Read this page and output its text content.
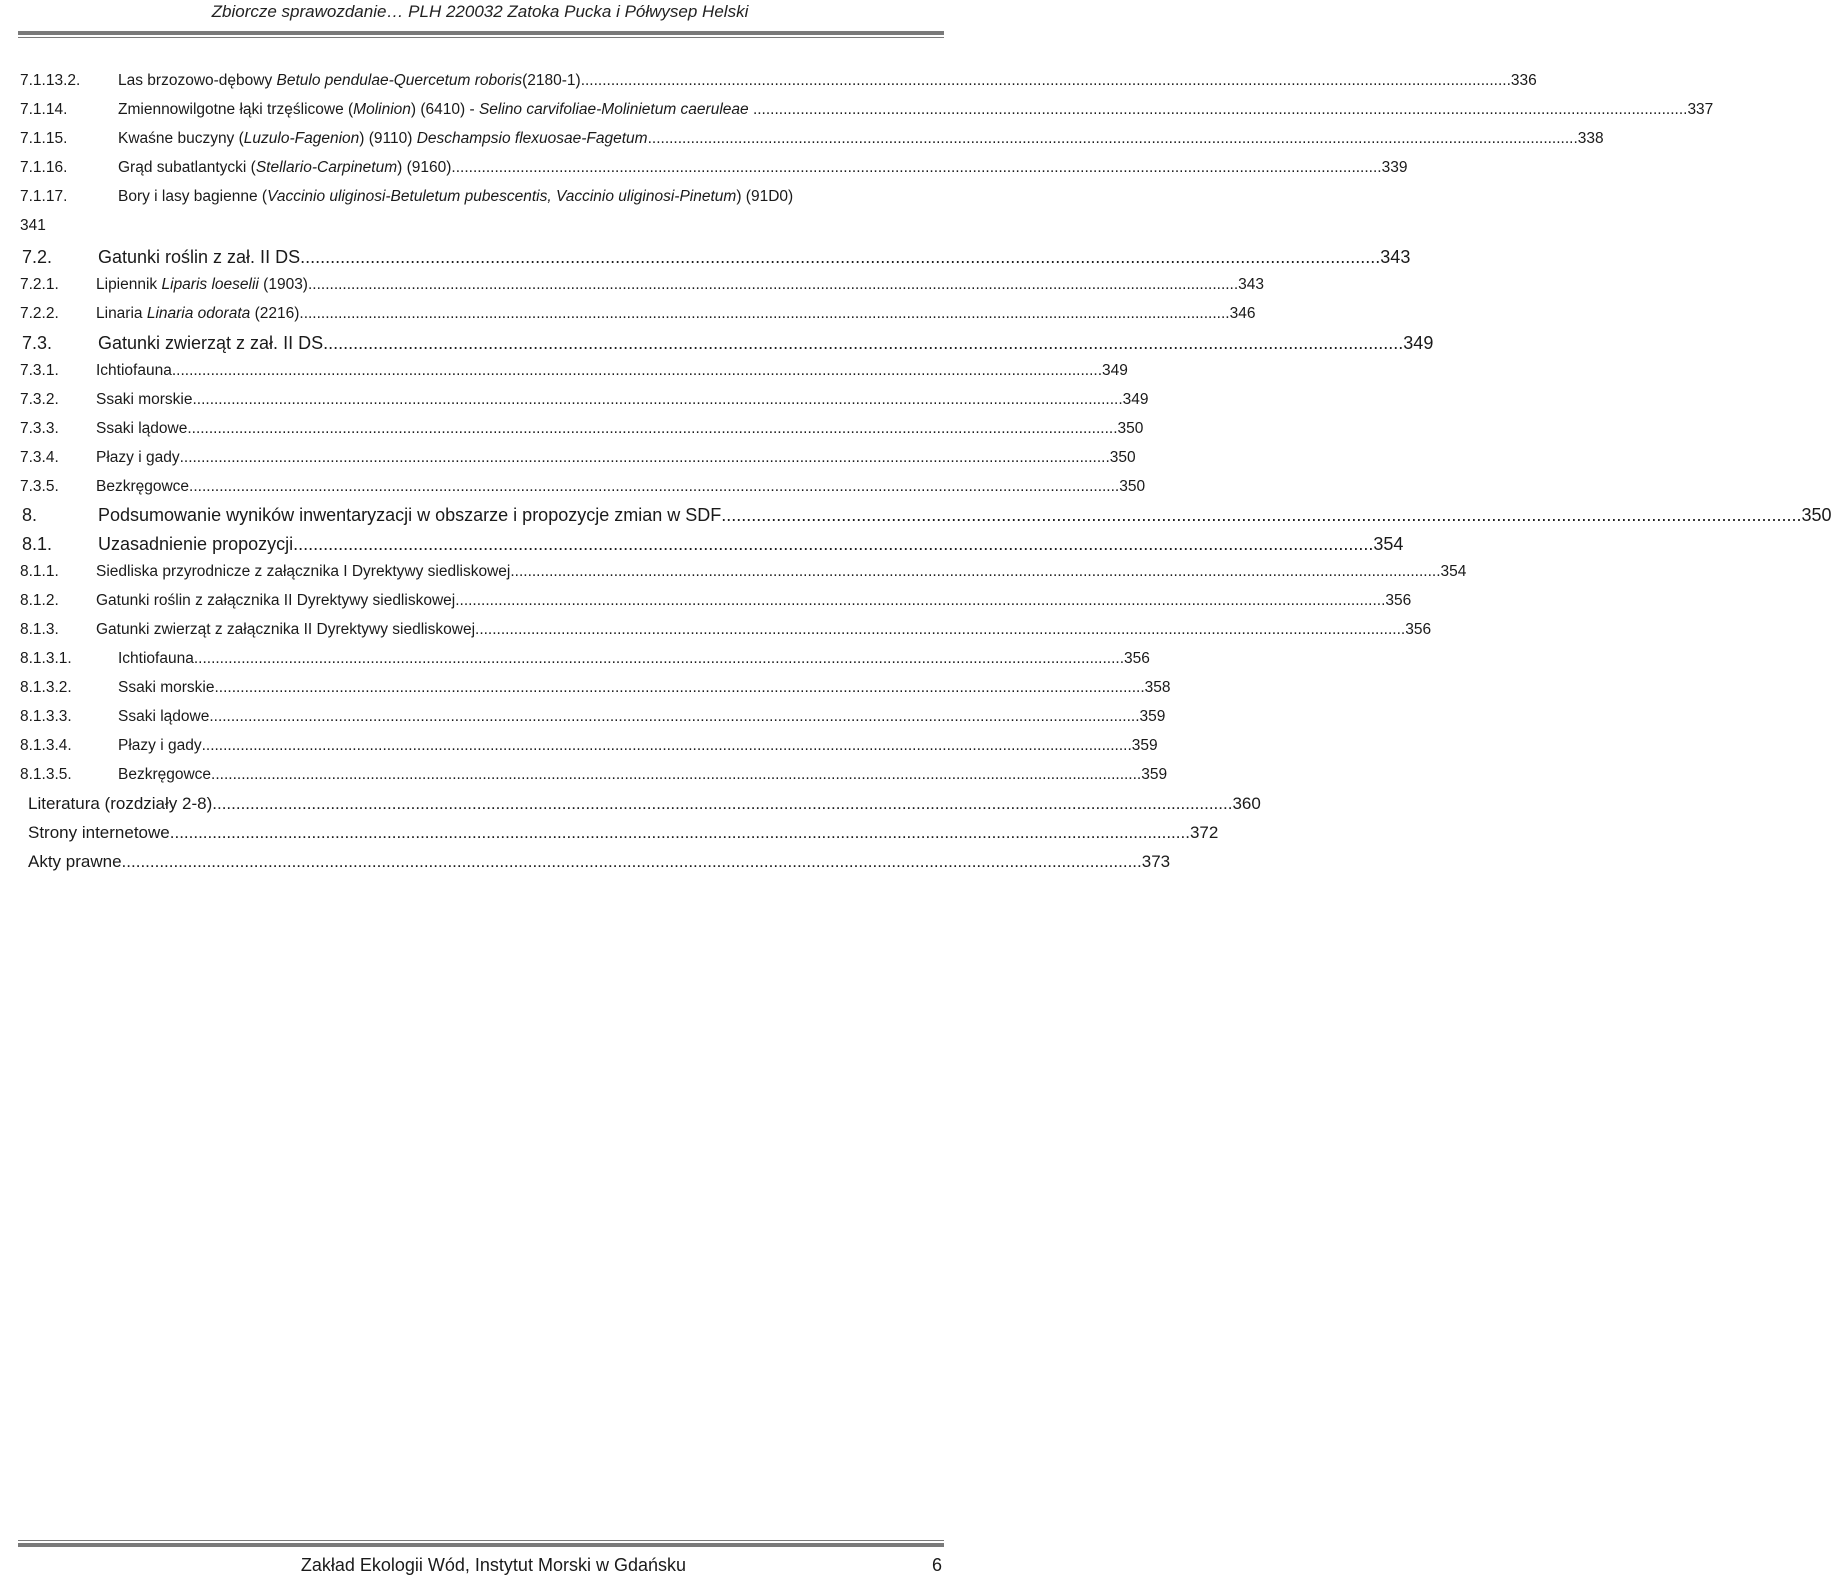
Zbiorcze sprawozdanie… PLH 220032 Zatoka Pucka i Półwysep Helski
7.1.13.2.	Las brzozowo-dębowy Betulo pendulae-Quercetum roboris(2180-1) .....	336
7.1.14.	Zmiennowilgotne łąki trzęślicowe (Molinion) (6410) - Selino carvifoliae-Molinietum caeruleae . .....	337
7.1.15.	Kwaśne buczyny (Luzulo-Fagenion) (9110) Deschampsio flexuosae-Fagetum .....	338
7.1.16.	Grąd subatlantycki (Stellario-Carpinetum) (9160) .....	339
7.1.17.	Bory i lasy bagienne (Vaccinio uliginosi-Betuletum pubescentis, Vaccinio uliginosi-Pinetum) (91D0)
341
7.2.	Gatunki roślin z zał. II DS .....	343
7.2.1.	Lipiennik Liparis loeselii (1903) .....	343
7.2.2.	Linaria Linaria odorata (2216) .....	346
7.3.	Gatunki zwierząt z zał. II DS .....	349
7.3.1.	Ichtiofauna .....	349
7.3.2.	Ssaki morskie .....	349
7.3.3.	Ssaki lądowe .....	350
7.3.4.	Płazy i gady .....	350
7.3.5.	Bezkręgowce .....	350
8.	Podsumowanie wyników inwentaryzacji w obszarze i propozycje zmian w SDF .....	350
8.1.	Uzasadnienie propozycji .....	354
8.1.1.	Siedliska przyrodnicze z załącznika I Dyrektywy siedliskowej .....	354
8.1.2.	Gatunki roślin z załącznika II Dyrektywy siedliskowej .....	356
8.1.3.	Gatunki zwierząt z załącznika II Dyrektywy siedliskowej .....	356
8.1.3.1.	Ichtiofauna .....	356
8.1.3.2.	Ssaki morskie .....	358
8.1.3.3.	Ssaki lądowe .....	359
8.1.3.4.	Płazy i gady .....	359
8.1.3.5.	Bezkręgowce .....	359
Literatura (rozdziały 2-8) .....	360
Strony internetowe .....	372
Akty prawne .....	373
Zakład Ekologii Wód, Instytut Morski w Gdańsku	6
